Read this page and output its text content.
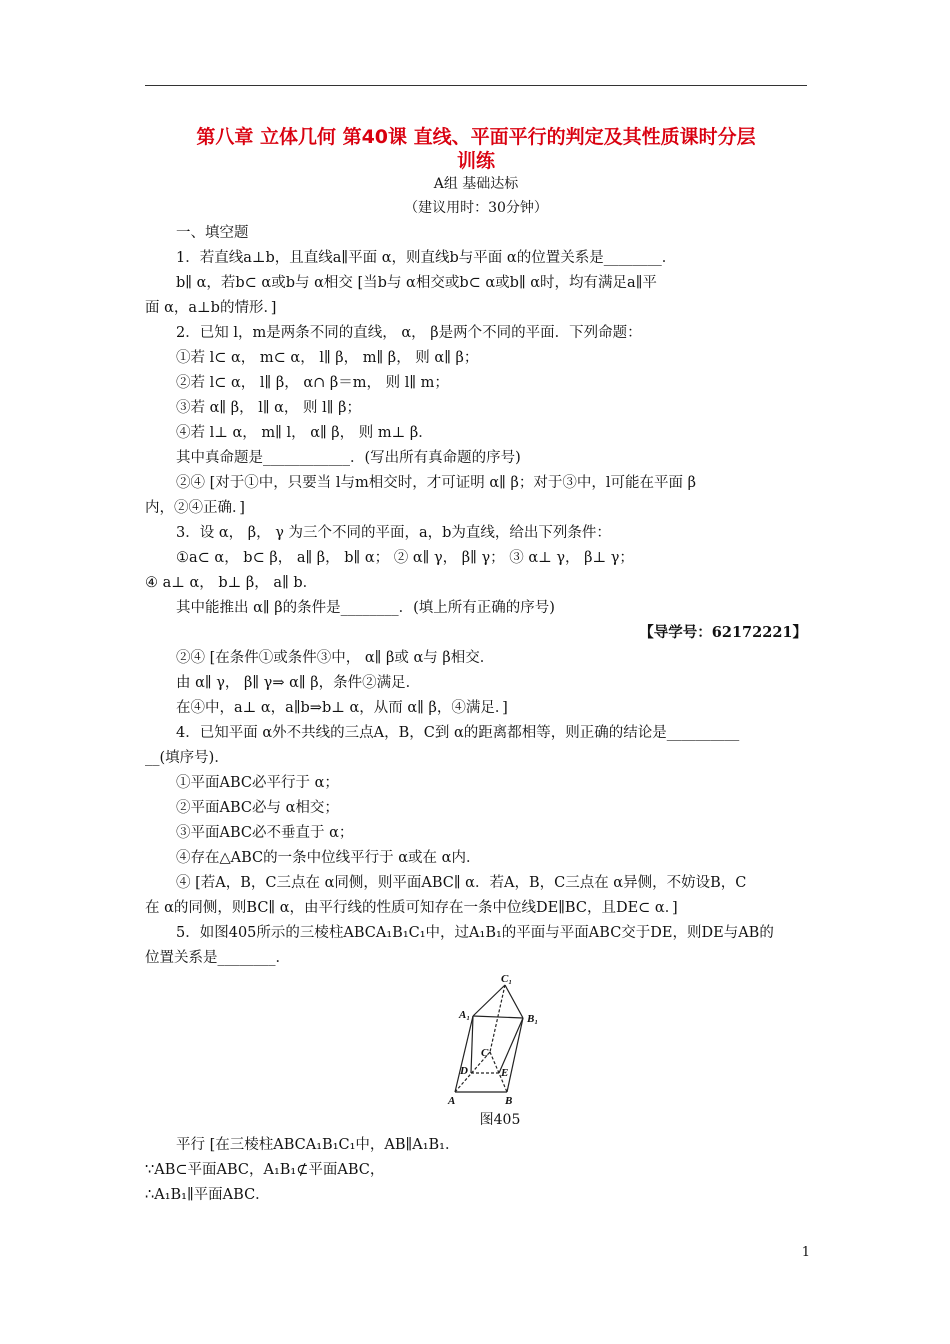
第八章 立体几何 第40课 直线、平面平行的判定及其性质课时分层
训练
A组 基础达标
（建议用时：30分钟）
一、填空题
1．若直线a⊥b，且直线a∥平面 α，则直线b与平面 α的位置关系是________．
b∥ α，若b⊂ α或b与 α相交 [当b与 α相交或b⊂ α或b∥ α时，均有满足a∥平
面 α，a⊥b的情形．]
2．已知 l，m是两条不同的直线， α， β是两个不同的平面．下列命题：
①若 l⊂ α， m⊂ α， l∥ β， m∥ β， 则 α∥ β；
②若 l⊂ α， l∥ β， α∩ β＝m， 则 l∥ m；
③若 α∥ β， l∥ α， 则 l∥ β；
④若 l⊥ α， m∥ l， α∥ β， 则 m⊥ β．
其中真命题是____________．(写出所有真命题的序号)
②④ [对于①中，只要当 l与m相交时，才可证明 α∥ β；对于③中，l可能在平面 β
内，②④正确．]
3．设 α， β， γ 为三个不同的平面，a，b为直线，给出下列条件：
①a⊂ α， b⊂ β， a∥ β， b∥ α； ② α∥ γ， β∥ γ； ③ α⊥ γ， β⊥ γ；
④ a⊥ α， b⊥ β， a∥ b．
其中能推出 α∥ β的条件是________．(填上所有正确的序号)
【导学号：62172221】
②④ [在条件①或条件③中， α∥ β或 α与 β相交．
由 α∥ γ， β∥ γ⇒ α∥ β，条件②满足．
在④中，a⊥ α，a∥b⇒b⊥ α，从而 α∥ β，④满足．]
4．已知平面 α外不共线的三点A，B，C到 α的距离都相等，则正确的结论是__________
__(填序号)．
①平面ABC必平行于 α；
②平面ABC必与 α相交；
③平面ABC必不垂直于 α；
④存在△ABC的一条中位线平行于 α或在 α内．
④ [若A，B，C三点在 α同侧，则平面ABC∥ α．若A，B，C三点在 α异侧，不妨设B，C
在 α的同侧，则BC∥ α，由平行线的性质可知存在一条中位线DE∥BC，且DE⊂ α．]
5．如图405所示的三棱柱ABCA₁B₁C₁中，过A₁B₁的平面与平面ABC交于DE，则DE与AB的
位置关系是________．
C₁
A₁	B₁
C
D	E
A	B
图405
平行 [在三棱柱ABCA₁B₁C₁中，AB∥A₁B₁．
∵AB⊂平面ABC，A₁B₁⊄平面ABC，
∴A₁B₁∥平面ABC．
1
